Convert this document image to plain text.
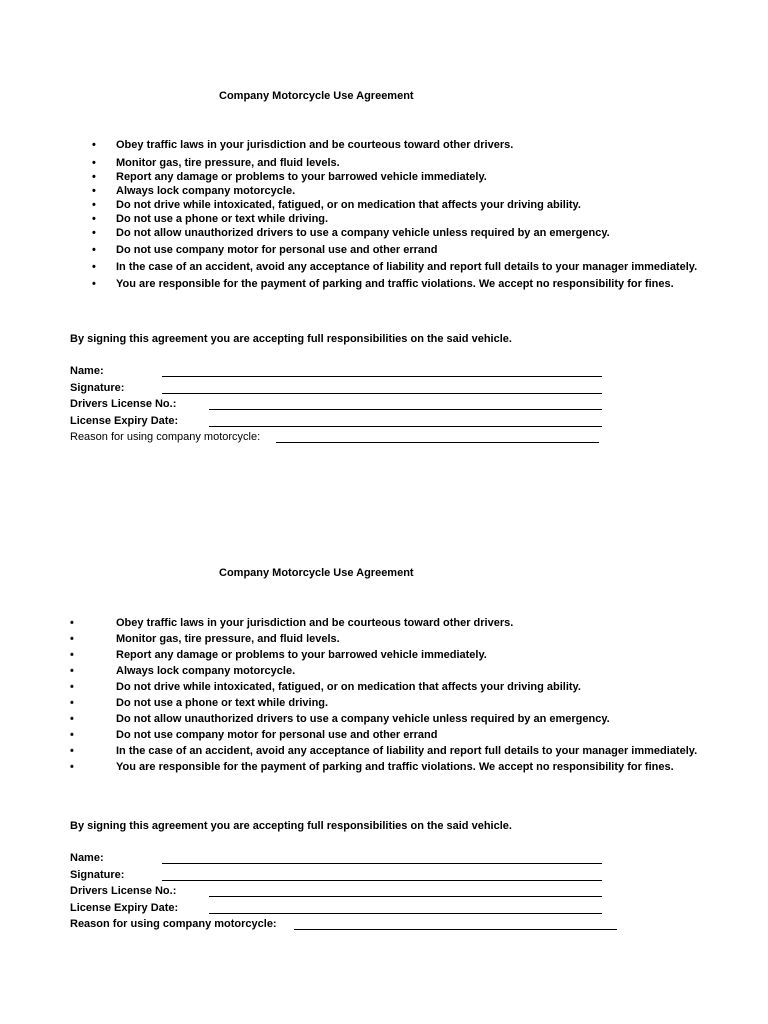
Company Motorcycle Use Agreement
• Obey traffic laws in your jurisdiction and be courteous toward other drivers.
• Monitor gas, tire pressure, and fluid levels.
• Report any damage or problems to your barrowed vehicle immediately.
• Always lock company motorcycle.
• Do not drive while intoxicated, fatigued, or on medication that affects your driving ability.
• Do not use a phone or text while driving.
• Do not allow unauthorized drivers to use a company vehicle unless required by an emergency.
• Do not use company motor for personal use and other errand
• In the case of an accident, avoid any acceptance of liability and report full details to your manager immediately.
• You are responsible for the payment of parking and traffic violations. We accept no responsibility for fines.
By signing this agreement you are accepting full responsibilities on the said vehicle.
Name:
Signature:
Drivers License No.:
License Expiry Date:
Reason for using company motorcycle:
Company Motorcycle Use Agreement
•	Obey traffic laws in your jurisdiction and be courteous toward other drivers.
•	Monitor gas, tire pressure, and fluid levels.
•	Report any damage or problems to your barrowed vehicle immediately.
•	Always lock company motorcycle.
•	Do not drive while intoxicated, fatigued, or on medication that affects your driving ability.
•	Do not use a phone or text while driving.
•	Do not allow unauthorized drivers to use a company vehicle unless required by an emergency.
•	Do not use company motor for personal use and other errand
•	In the case of an accident, avoid any acceptance of liability and report full details to your manager immediately.
•	You are responsible for the payment of parking and traffic violations. We accept no responsibility for fines.
By signing this agreement you are accepting full responsibilities on the said vehicle.
Name:
Signature:
Drivers License No.:
License Expiry Date:
Reason for using company motorcycle:
